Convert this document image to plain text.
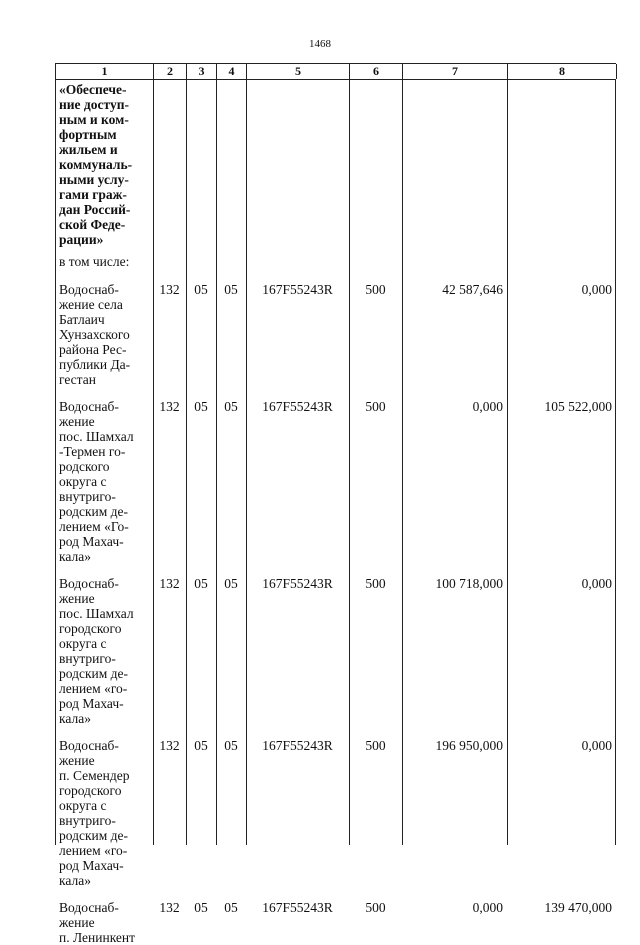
1468
1	2	3	4	5	6	7	8
«Обеспече-
ние доступ-
ным и ком-
фортным
жильем и
коммуналь-
ными услу-
гами граж-
дан Россий-
ской Феде-
рации»
в том числе:
Водоснаб-
жение села
Батлаич
Хунзахского
района Рес-
публики Да-
гестан
132	05	05	167F55243R	500	42 587,646	0,000
Водоснаб-
жение
пос. Шамхал
-Термен го-
родского
округа с
внутриго-
родским де-
лением «Го-
род Махач-
кала»
132	05	05	167F55243R	500	0,000	105 522,000
Водоснаб-
жение
пос. Шамхал
городского
округа с
внутриго-
родским де-
лением «го-
род Махач-
кала»
132	05	05	167F55243R	500	100 718,000	0,000
Водоснаб-
жение
п. Семендер
городского
округа с
внутриго-
родским де-
лением «го-
род Махач-
кала»
132	05	05	167F55243R	500	196 950,000	0,000
Водоснаб-
жение
п. Ленинкент
132	05	05	167F55243R	500	0,000	139 470,000
